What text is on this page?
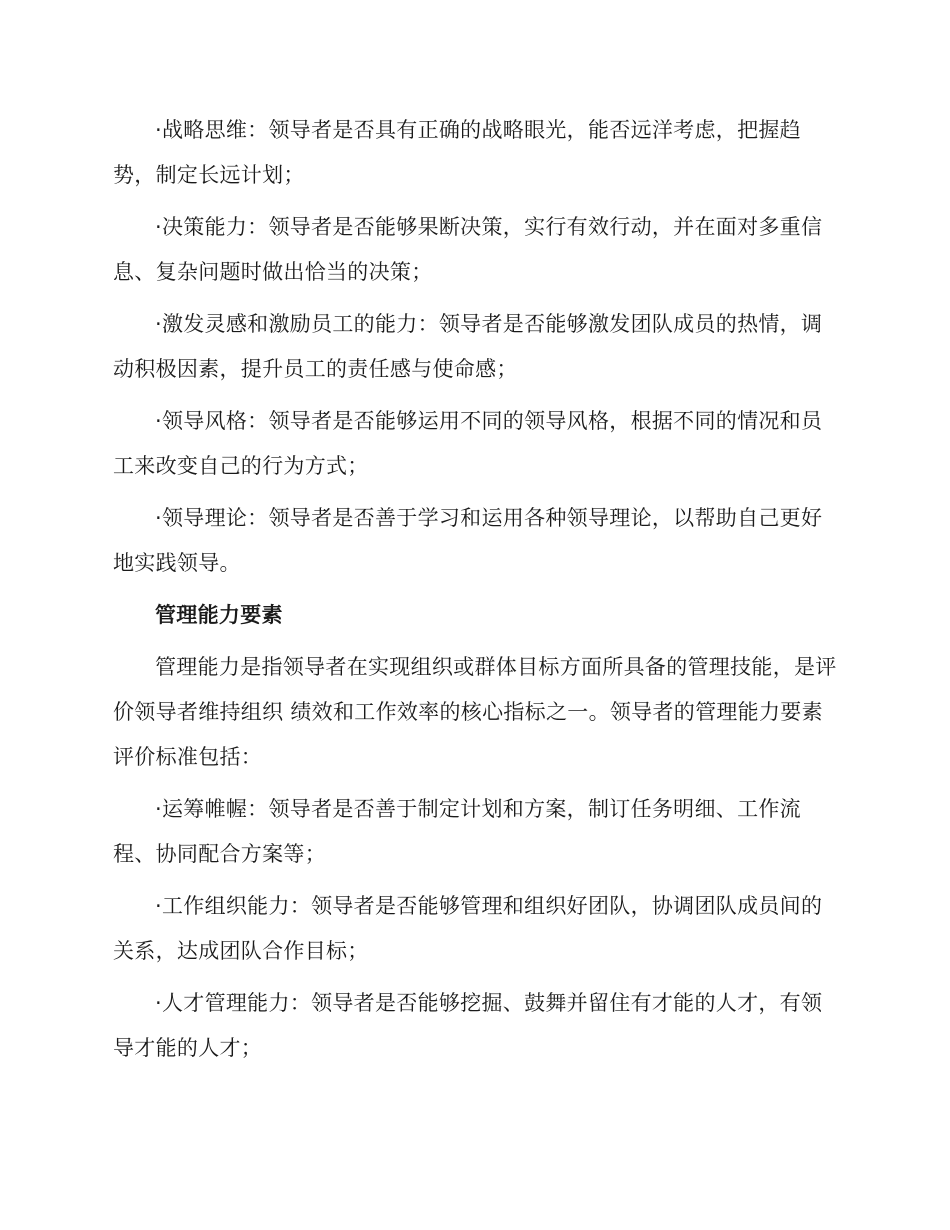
·战略思维：领导者是否具有正确的战略眼光，能否远洋考虑，把握趋势，制定长远计划；

·决策能力：领导者是否能够果断决策，实行有效行动，并在面对多重信息、复杂问题时做出恰当的决策；

·激发灵感和激励员工的能力：领导者是否能够激发团队成员的热情，调动积极因素，提升员工的责任感与使命感；

·领导风格：领导者是否能够运用不同的领导风格，根据不同的情况和员工来改变自己的行为方式；

·领导理论：领导者是否善于学习和运用各种领导理论，以帮助自己更好地实践领导。

管理能力要素

管理能力是指领导者在实现组织或群体目标方面所具备的管理技能，是评价领导者维持组织 绩效和工作效率的核心指标之一。领导者的管理能力要素评价标准包括：

·运筹帷幄：领导者是否善于制定计划和方案，制订任务明细、工作流程、协同配合方案等；

·工作组织能力：领导者是否能够管理和组织好团队，协调团队成员间的关系，达成团队合作目标；

·人才管理能力：领导者是否能够挖掘、鼓舞并留住有才能的人才，有领导才能的人才；
